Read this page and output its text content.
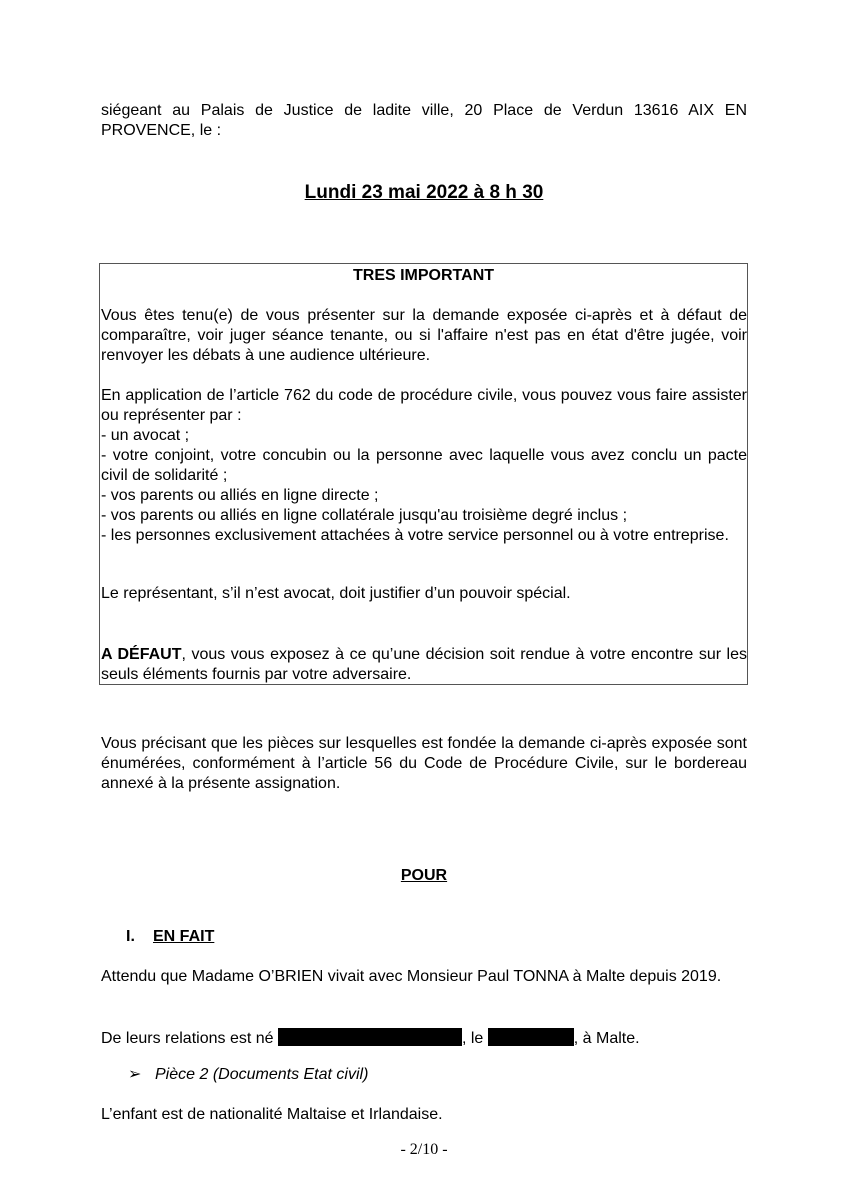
siégeant au Palais de Justice de ladite ville, 20 Place de Verdun 13616 AIX EN PROVENCE, le :

Lundi 23 mai 2022 à 8 h 30
TRES IMPORTANT

Vous êtes tenu(e) de vous présenter sur la demande exposée ci-après et à défaut de comparaître, voir juger séance tenante, ou si l'affaire n'est pas en état d'être jugée, voir renvoyer les débats à une audience ultérieure.

En application de l’article 762 du code de procédure civile, vous pouvez vous faire assister ou représenter par :

- un avocat ;

- votre conjoint, votre concubin ou la personne avec laquelle vous avez conclu un pacte civil de solidarité ;

- vos parents ou alliés en ligne directe ;

- vos parents ou alliés en ligne collatérale jusqu'au troisième degré inclus ;

- les personnes exclusivement attachées à votre service personnel ou à votre entreprise.

Le représentant, s’il n’est avocat, doit justifier d’un pouvoir spécial.

A DÉFAUT, vous vous exposez à ce qu’une décision soit rendue à votre encontre sur les seuls éléments fournis par votre adversaire.

Vous précisant que les pièces sur lesquelles est fondée la demande ci-après exposée sont énumérées, conformément à l’article 56 du Code de Procédure Civile, sur le bordereau annexé à la présente assignation.

POUR
I. EN FAIT

Attendu que Madame O’BRIEN vivait avec Monsieur Paul TONNA à Malte depuis 2019.

De leurs relations est né	, le	, à Malte.

➢ Pièce 2 (Documents Etat civil)

L’enfant est de nationalité Maltaise et Irlandaise.

- 2/10 -
